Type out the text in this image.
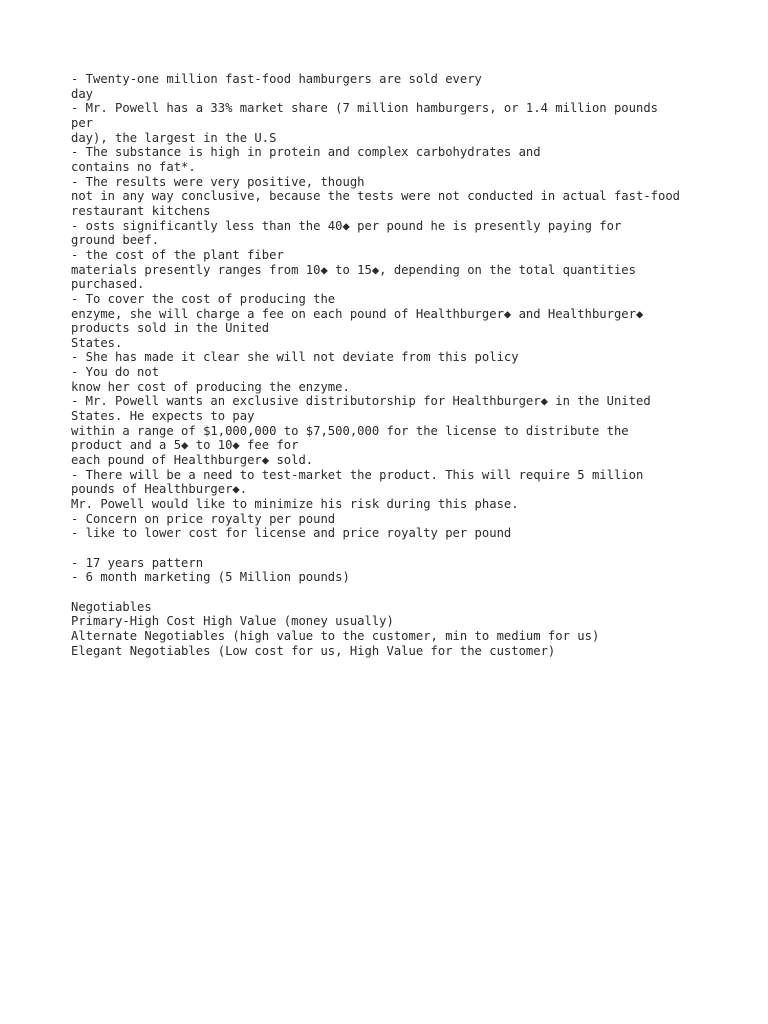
- Twenty-one million fast-food hamburgers are sold every
day
- Mr. Powell has a 33% market share (7 million hamburgers, or 1.4 million pounds
per
day), the largest in the U.S
- The substance is high in protein and complex carbohydrates and
contains no fat*.
- The results were very positive, though
not in any way conclusive, because the tests were not conducted in actual fast-food
restaurant kitchens
- osts significantly less than the 40◆ per pound he is presently paying for
ground beef.
- the cost of the plant fiber
materials presently ranges from 10◆ to 15◆, depending on the total quantities
purchased.
- To cover the cost of producing the
enzyme, she will charge a fee on each pound of Healthburger◆ and Healthburger◆
products sold in the United
States.
- She has made it clear she will not deviate from this policy
- You do not
know her cost of producing the enzyme.
- Mr. Powell wants an exclusive distributorship for Healthburger◆ in the United
States. He expects to pay
within a range of $1,000,000 to $7,500,000 for the license to distribute the
product and a 5◆ to 10◆ fee for
each pound of Healthburger◆ sold.
- There will be a need to test-market the product. This will require 5 million
pounds of Healthburger◆.
Mr. Powell would like to minimize his risk during this phase.
- Concern on price royalty per pound
- like to lower cost for license and price royalty per pound
- 17 years pattern
- 6 month marketing (5 Million pounds)
Negotiables
Primary-High Cost High Value (money usually)
Alternate Negotiables (high value to the customer, min to medium for us)
Elegant Negotiables (Low cost for us, High Value for the customer)
